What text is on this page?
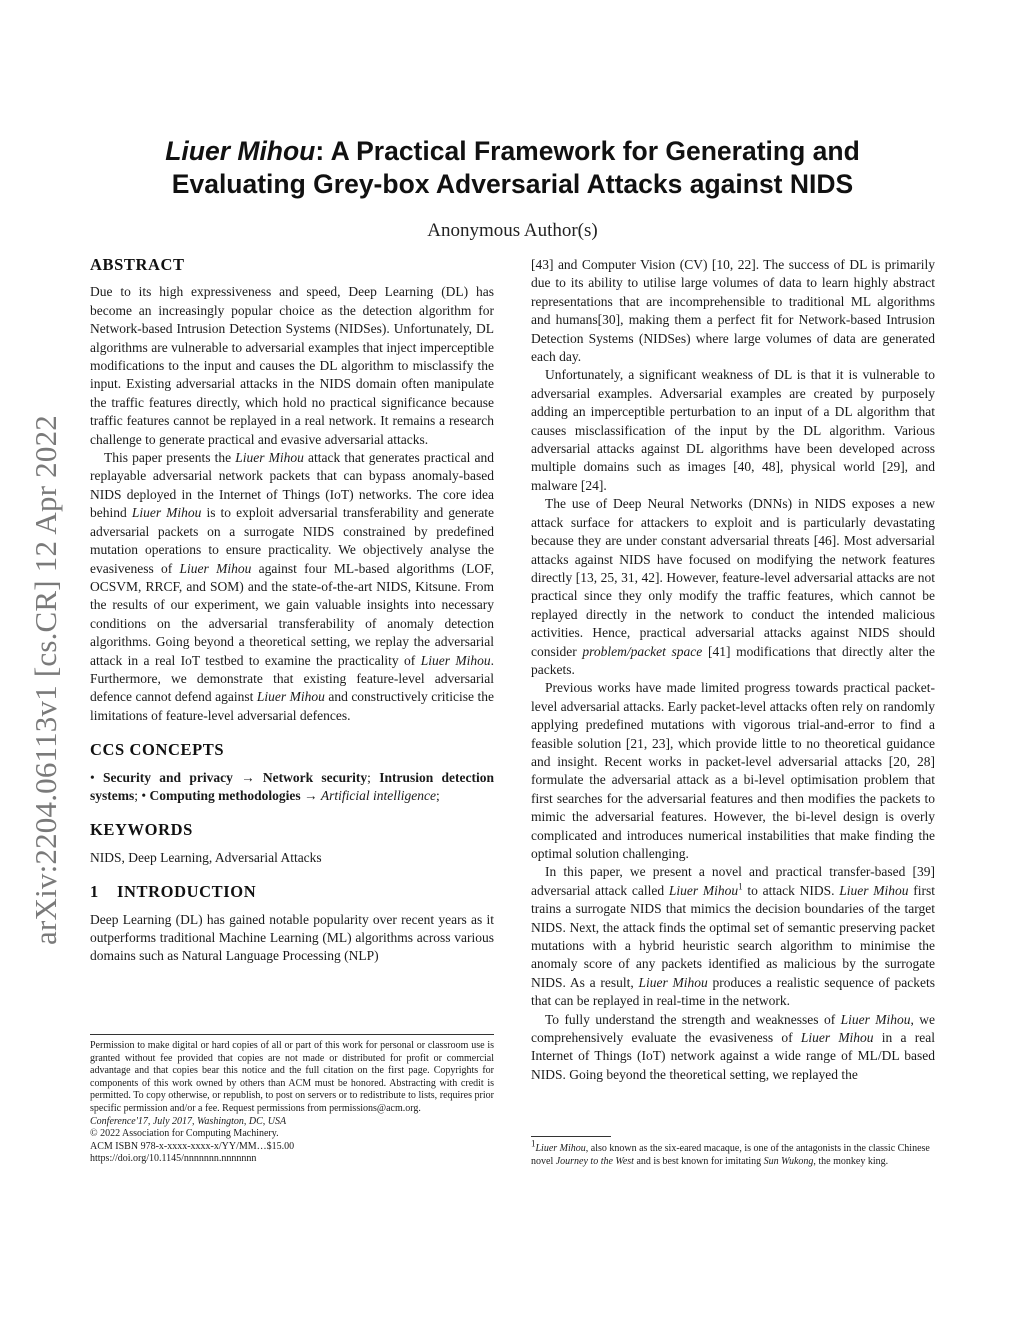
arXiv:2204.06113v1 [cs.CR] 12 Apr 2022
Liuer Mihou: A Practical Framework for Generating and
Evaluating Grey-box Adversarial Attacks against NIDS
Anonymous Author(s)
ABSTRACT

Due to its high expressiveness and speed, Deep Learning (DL) has become an increasingly popular choice as the detection algorithm for Network-based Intrusion Detection Systems (NIDSes). Unfortunately, DL algorithms are vulnerable to adversarial examples that inject imperceptible modifications to the input and causes the DL algorithm to misclassify the input. Existing adversarial attacks in the NIDS domain often manipulate the traffic features directly, which hold no practical significance because traffic features cannot be replayed in a real network. It remains a research challenge to generate practical and evasive adversarial attacks.

This paper presents the Liuer Mihou attack that generates practical and replayable adversarial network packets that can bypass anomaly-based NIDS deployed in the Internet of Things (IoT) networks. The core idea behind Liuer Mihou is to exploit adversarial transferability and generate adversarial packets on a surrogate NIDS constrained by predefined mutation operations to ensure practicality. We objectively analyse the evasiveness of Liuer Mihou against four ML-based algorithms (LOF, OCSVM, RRCF, and SOM) and the state-of-the-art NIDS, Kitsune. From the results of our experiment, we gain valuable insights into necessary conditions on the adversarial transferability of anomaly detection algorithms. Going beyond a theoretical setting, we replay the adversarial attack in a real IoT testbed to examine the practicality of Liuer Mihou. Furthermore, we demonstrate that existing feature-level adversarial defence cannot defend against Liuer Mihou and constructively criticise the limitations of feature-level adversarial defences.

CCS CONCEPTS

• Security and privacy → Network security; Intrusion detection systems; • Computing methodologies → Artificial intelligence;

KEYWORDS

NIDS, Deep Learning, Adversarial Attacks

1 INTRODUCTION

Deep Learning (DL) has gained notable popularity over recent years as it outperforms traditional Machine Learning (ML) algorithms across various domains such as Natural Language Processing (NLP)

Permission to make digital or hard copies of all or part of this work for personal or classroom use is granted without fee provided that copies are not made or distributed for profit or commercial advantage and that copies bear this notice and the full citation on the first page. Copyrights for components of this work owned by others than ACM must be honored. Abstracting with credit is permitted. To copy otherwise, or republish, to post on servers or to redistribute to lists, requires prior specific permission and/or a fee. Request permissions from permissions@acm.org.
Conference'17, July 2017, Washington, DC, USA
© 2022 Association for Computing Machinery.
ACM ISBN 978-x-xxxx-xxxx-x/YY/MM…$15.00
https://doi.org/10.1145/nnnnnnn.nnnnnnn

[43] and Computer Vision (CV) [10, 22]. The success of DL is primarily due to its ability to utilise large volumes of data to learn highly abstract representations that are incomprehensible to traditional ML algorithms and humans[30], making them a perfect fit for Network-based Intrusion Detection Systems (NIDSes) where large volumes of data are generated each day.

Unfortunately, a significant weakness of DL is that it is vulnerable to adversarial examples. Adversarial examples are created by purposely adding an imperceptible perturbation to an input of a DL algorithm that causes misclassification of the input by the DL algorithm. Various adversarial attacks against DL algorithms have been developed across multiple domains such as images [40, 48], physical world [29], and malware [24].

The use of Deep Neural Networks (DNNs) in NIDS exposes a new attack surface for attackers to exploit and is particularly devastating because they are under constant adversarial threats [46]. Most adversarial attacks against NIDS have focused on modifying the network features directly [13, 25, 31, 42]. However, feature-level adversarial attacks are not practical since they only modify the traffic features, which cannot be replayed directly in the network to conduct the intended malicious activities. Hence, practical adversarial attacks against NIDS should consider problem/packet space [41] modifications that directly alter the packets.

Previous works have made limited progress towards practical packet-level adversarial attacks. Early packet-level attacks often rely on randomly applying predefined mutations with vigorous trial-and-error to find a feasible solution [21, 23], which provide little to no theoretical guidance and insight. Recent works in packet-level adversarial attacks [20, 28] formulate the adversarial attack as a bi-level optimisation problem that first searches for the adversarial features and then modifies the packets to mimic the adversarial features. However, the bi-level design is overly complicated and introduces numerical instabilities that make finding the optimal solution challenging.

In this paper, we present a novel and practical transfer-based [39] adversarial attack called Liuer Mihou$^1$ to attack NIDS. Liuer Mihou first trains a surrogate NIDS that mimics the decision boundaries of the target NIDS. Next, the attack finds the optimal set of semantic preserving packet mutations with a hybrid heuristic search algorithm to minimise the anomaly score of any packets identified as malicious by the surrogate NIDS. As a result, Liuer Mihou produces a realistic sequence of packets that can be replayed in real-time in the network.

To fully understand the strength and weaknesses of Liuer Mihou, we comprehensively evaluate the evasiveness of Liuer Mihou in a real Internet of Things (IoT) network against a wide range of ML/DL based NIDS. Going beyond the theoretical setting, we replayed the

$^1$Liuer Mihou, also known as the six-eared macaque, is one of the antagonists in the classic Chinese novel Journey to the West and is best known for imitating Sun Wukong, the monkey king.
